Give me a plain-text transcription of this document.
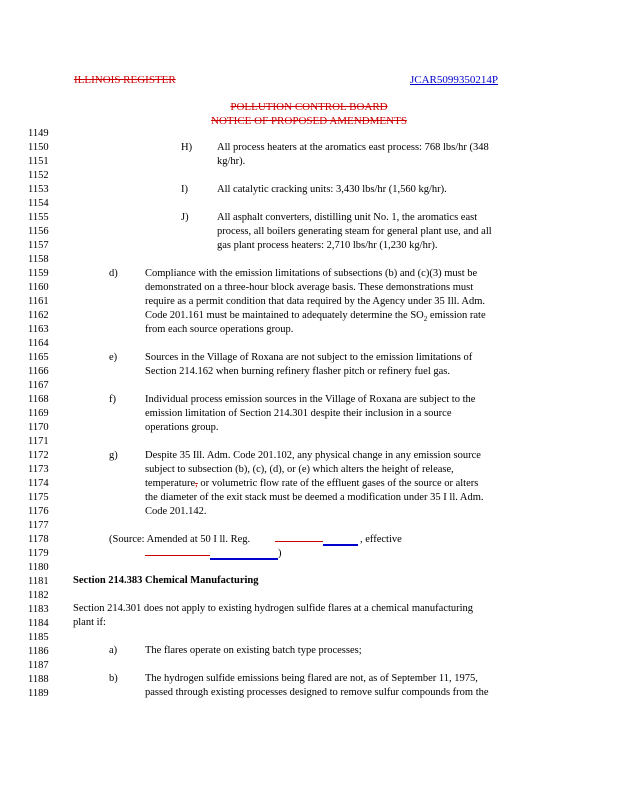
ILLINOIS REGISTER	JCAR5099350214P
POLLUTION CONTROL BOARD
NOTICE OF PROPOSED AMENDMENTS
1149
1150
1151
1152
1153
1154
1155
1156
1157
1158
1159
1160
1161
1162
1163
1164
1165
1166
1167
1168
1169
1170
1171
1172
1173
1174
1175
1176
1177
1178
1179
1180
1181
1182
1183
1184
1185
1186
1187
1188
1189
H) All process heaters at the aromatics east process: 768 lbs/hr (348
kg/hr).
I)	All catalytic cracking units: 3,430 lbs/hr (1,560 kg/hr).
J)	All asphalt converters, distilling unit No. 1, the aromatics east
process, all boilers generating steam for general plant use, and all
gas plant process heaters: 2,710 lbs/hr (1,230 kg/hr).
d)	Compliance with the emission limitations of subsections (b) and (c)(3) must be
demonstrated on a three-hour block average basis. These demonstrations must
require as a permit condition that data required by the Agency under 35 Ill. Adm.
Code 201.161 must be maintained to adequately determine the $SO_2$ emission rate
from each source operations group.
e)	Sources in the Village of Roxana are not subject to the emission limitations of
Section 214.162 when burning refinery flasher pitch or refinery fuel gas.
f)	Individual process emission sources in the Village of Roxana are subject to the
emission limitation of Section 214.301 despite their inclusion in a source
operations group.
g)	Despite 35 Ill. Adm. Code 201.102, any physical change in any emission source
subject to subsection (b), (c), (d), or (e) which alters the height of release,
temperature, or volumetric flow rate of the effluent gases of the source or alters
the diameter of the exit stack must be deemed a modification under 35 I ll. Adm.
Code 201.142.
(Source: Amended at 50 I ll. Reg.	, effective
)
Section 214.383 Chemical Manufacturing
Section 214.301 does not apply to existing hydrogen sulfide flares at a chemical manufacturing
plant if:
a)	The flares operate on existing batch type processes;
b)	The hydrogen sulfide emissions being flared are not, as of September 11, 1975,
passed through existing processes designed to remove sulfur compounds from the
